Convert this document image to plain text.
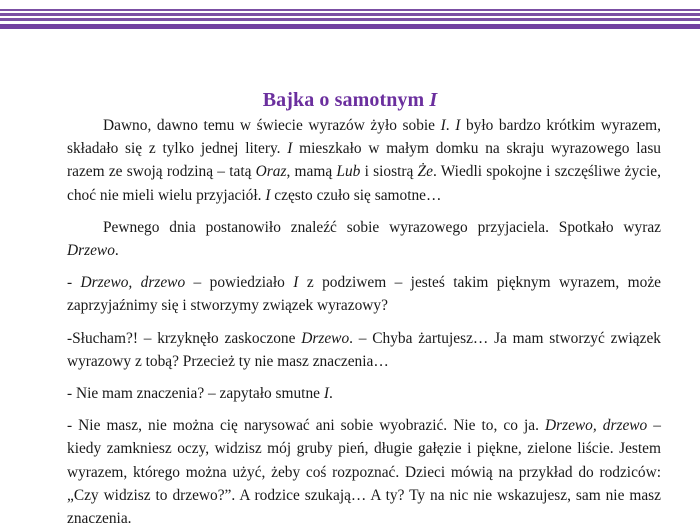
Bajka o samotnym I

Dawno, dawno temu w świecie wyrazów żyło sobie I. I było bardzo krótkim wyrazem, składało się z tylko jednej litery. I mieszkało w małym domku na skraju wyrazowego lasu razem ze swoją rodziną – tatą Oraz, mamą Lub i siostrą Że. Wiedli spokojne i szczęśliwe życie, choć nie mieli wielu przyjaciół. I często czuło się samotne…

Pewnego dnia postanowiło znaleźć sobie wyrazowego przyjaciela. Spotkało wyraz Drzewo.

- Drzewo, drzewo – powiedziało I z podziwem – jesteś takim pięknym wyrazem, może zaprzyjaźnimy się i stworzymy związek wyrazowy?

-Słucham?! – krzyknęło zaskoczone Drzewo. – Chyba żartujesz… Ja mam stworzyć związek wyrazowy z tobą? Przecież ty nie masz znaczenia…

- Nie mam znaczenia? – zapytało smutne I.

- Nie masz, nie można cię narysować ani sobie wyobrazić. Nie to, co ja. Drzewo, drzewo – kiedy zamkniesz oczy, widzisz mój gruby pień, długie gałęzie i piękne, zielone liście. Jestem wyrazem, którego można użyć, żeby coś rozpoznać. Dzieci mówią na przykład do rodziców: „Czy widzisz to drzewo?”. A rodzice szukają… A ty? Ty na nic nie wskazujesz, sam nie masz znaczenia.
